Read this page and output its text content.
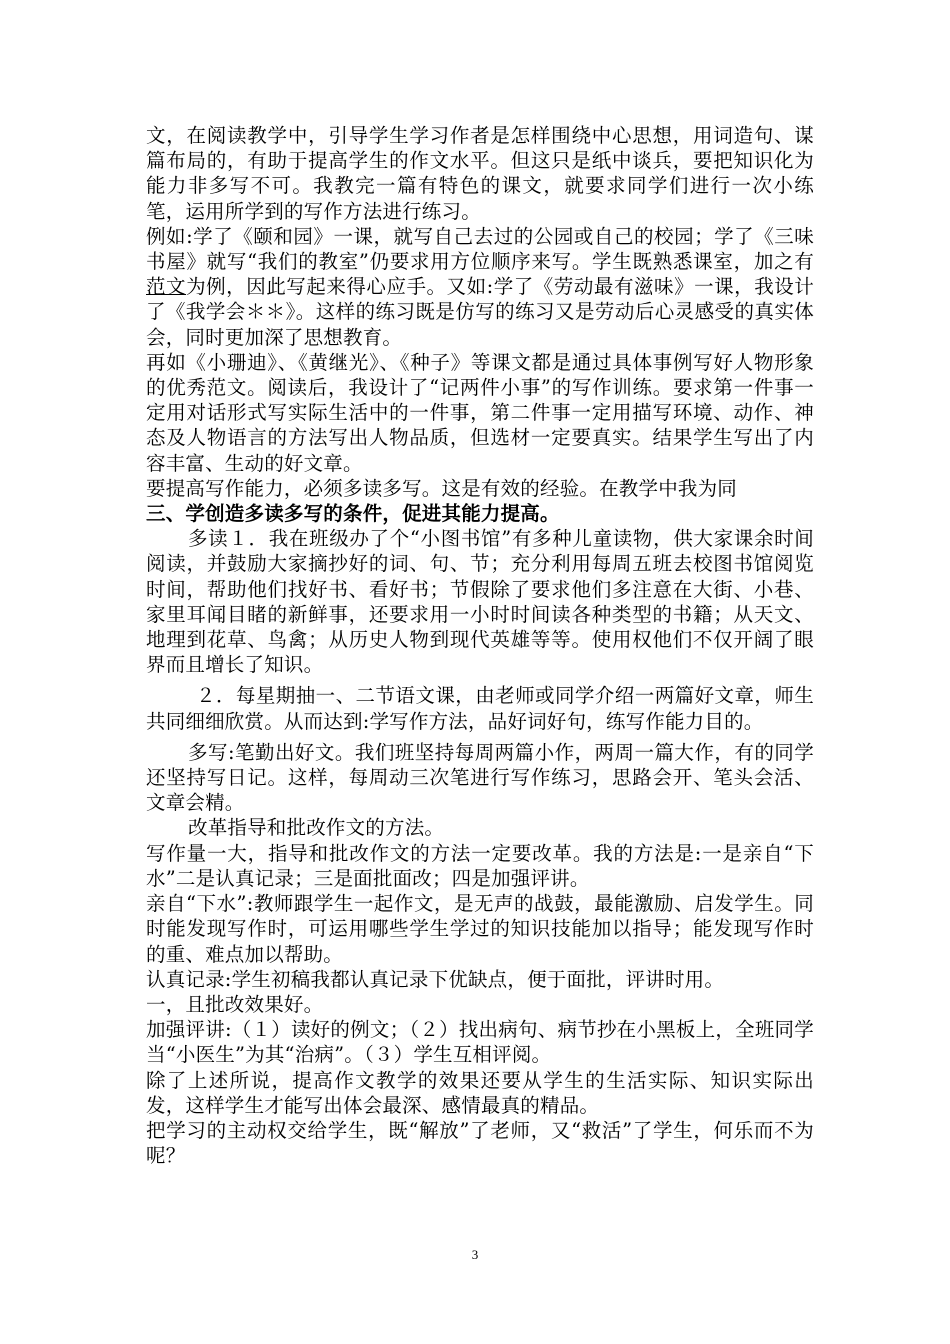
文，在阅读教学中，引导学生学习作者是怎样围绕中心思想，用词造句、谋篇布局的，有助于提高学生的作文水平。但这只是纸中谈兵，要把知识化为能力非多写不可。我教完一篇有特色的课文，就要求同学们进行一次小练笔，运用所学到的写作方法进行练习。

例如:学了《颐和园》一课，就写自己去过的公园或自己的校园；学了《三味书屋》就写“我们的教室”仍要求用方位顺序来写。学生既熟悉课室，加之有范文为例，因此写起来得心应手。又如:学了《劳动最有滋味》一课，我设计了《我学会＊＊》。这样的练习既是仿写的练习又是劳动后心灵感受的真实体会，同时更加深了思想教育。

再如《小珊迪》、《黄继光》、《种子》等课文都是通过具体事例写好人物形象的优秀范文。阅读后，我设计了“记两件小事”的写作训练。要求第一件事一定用对话形式写实际生活中的一件事，第二件事一定用描写环境、动作、神态及人物语言的方法写出人物品质，但选材一定要真实。结果学生写出了内容丰富、生动的好文章。

要提高写作能力，必须多读多写。这是有效的经验。在教学中我为同

三、学创造多读多写的条件，促进其能力提高。

多读１．我在班级办了个“小图书馆”有多种儿童读物，供大家课余时间阅读，并鼓励大家摘抄好的词、句、节；充分利用每周五班去校图书馆阅览时间，帮助他们找好书、看好书；节假除了要求他们多注意在大街、小巷、家里耳闻目睹的新鲜事，还要求用一小时时间读各种类型的书籍；从天文、地理到花草、鸟禽；从历史人物到现代英雄等等。使用权他们不仅开阔了眼界而且增长了知识。

２．每星期抽一、二节语文课，由老师或同学介绍一两篇好文章，师生共同细细欣赏。从而达到:学写作方法，品好词好句，练写作能力目的。

多写:笔勤出好文。我们班坚持每周两篇小作，两周一篇大作，有的同学还坚持写日记。这样，每周动三次笔进行写作练习，思路会开、笔头会活、文章会精。

改革指导和批改作文的方法。

写作量一大，指导和批改作文的方法一定要改革。我的方法是:一是亲自“下水”二是认真记录；三是面批面改；四是加强评讲。

亲自“下水”:教师跟学生一起作文，是无声的战鼓，最能激励、启发学生。同时能发现写作时，可运用哪些学生学过的知识技能加以指导；能发现写作时的重、难点加以帮助。

认真记录:学生初稿我都认真记录下优缺点，便于面批，评讲时用。

一，且批改效果好。

加强评讲:（１）读好的例文；（２）找出病句、病节抄在小黑板上，全班同学当“小医生”为其“治病”。（３）学生互相评阅。

除了上述所说，提高作文教学的效果还要从学生的生活实际、知识实际出发，这样学生才能写出体会最深、感情最真的精品。

把学习的主动权交给学生，既“解放”了老师，又“救活”了学生，何乐而不为呢？

3
